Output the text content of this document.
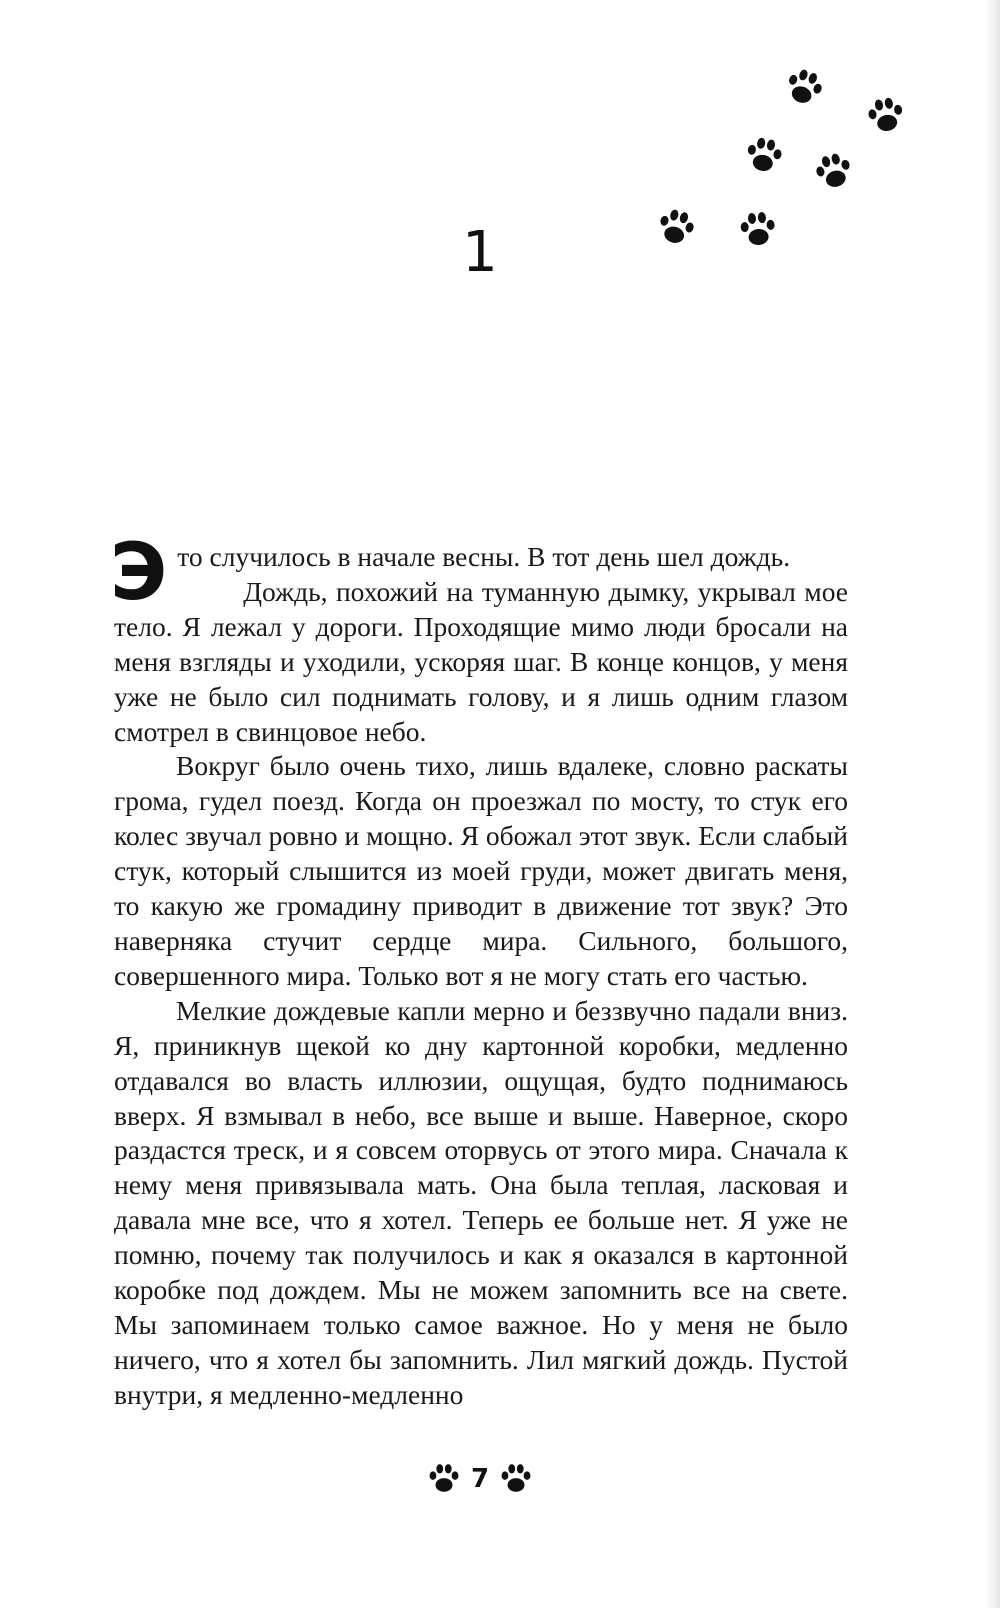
1

Это случилось в начале весны. В тот день шел дождь.
Дождь, похожий на туманную дымку, укрывал мое тело. Я лежал у дороги. Проходящие мимо люди бросали на меня взгляды и уходили, ускоряя шаг. В конце концов, у меня уже не было сил поднимать голову, и я лишь одним глазом смотрел в свинцовое небо.

Вокруг было очень тихо, лишь вдалеке, словно раскаты грома, гудел поезд. Когда он проезжал по мосту, то стук его колес звучал ровно и мощно. Я обожал этот звук. Если слабый стук, который слышится из моей груди, может двигать меня, то какую же громадину приводит в движение тот звук? Это наверняка стучит сердце мира. Сильного, большого, совершенного мира. Только вот я не могу стать его частью.

Мелкие дождевые капли мерно и беззвучно падали вниз. Я, приникнув щекой ко дну картонной коробки, медленно отдавался во власть иллюзии, ощущая, будто поднимаюсь вверх. Я взмывал в небо, все выше и выше. Наверное, скоро раздастся треск, и я совсем оторвусь от этого мира. Сначала к нему меня привязывала мать. Она была теплая, ласковая и давала мне все, что я хотел. Теперь ее больше нет. Я уже не помню, почему так получилось и как я оказался в картонной коробке под дождем. Мы не можем запомнить все на свете. Мы запоминаем только самое важное. Но у меня не было ничего, что я хотел бы запомнить. Лил мягкий дождь. Пустой внутри, я медленно-медленно

7
